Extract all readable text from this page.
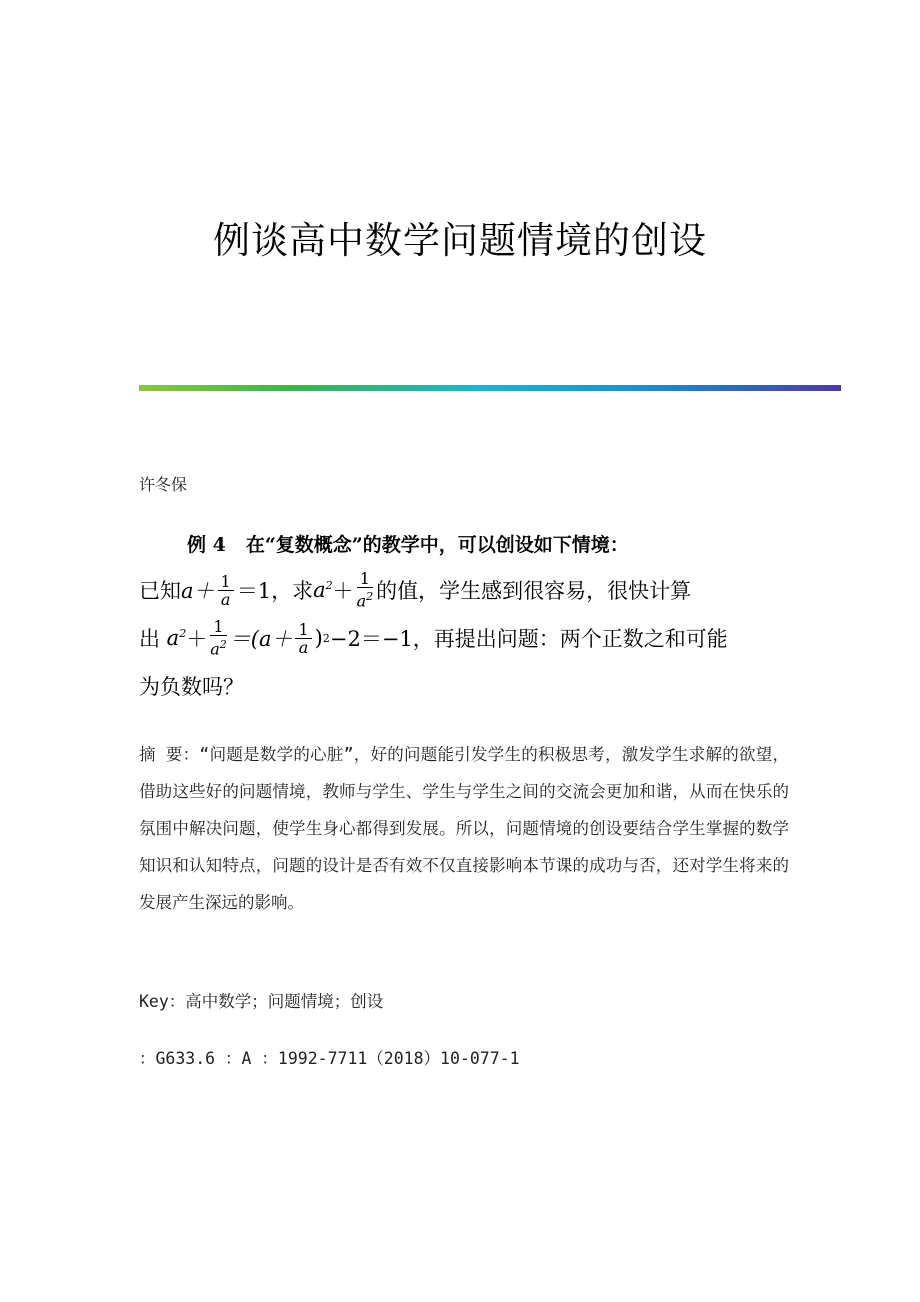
例谈高中数学问题情境的创设
许冬保
例 4 在“复数概念”的教学中，可以创设如下情境：
已知 $a+ \frac{1}{a} =1$，求 $a^2 + \frac{1}{a^2}$ 的值，学生感到很容易，很快计算
出 $a^2 + \frac{1}{a^2} =(a+ \frac{1}{a}$ ) 2 −2＝−1，再提出问题：两个正数之和可能
为负数吗？
摘 要：“问题是数学的心脏”，好的问题能引发学生的积极思考，激发学生求解的欲望，借助这些好的问题情境，教师与学生、学生与学生之间的交流会更加和谐，从而在快乐的氛围中解决问题，使学生身心都得到发展。所以，问题情境的创设要结合学生掌握的数学知识和认知特点，问题的设计是否有效不仅直接影响本节课的成功与否，还对学生将来的发展产生深远的影响。
Key：高中数学；问题情境；创设
：G633.6 ：A ：1992-7711（2018）10-077-1
